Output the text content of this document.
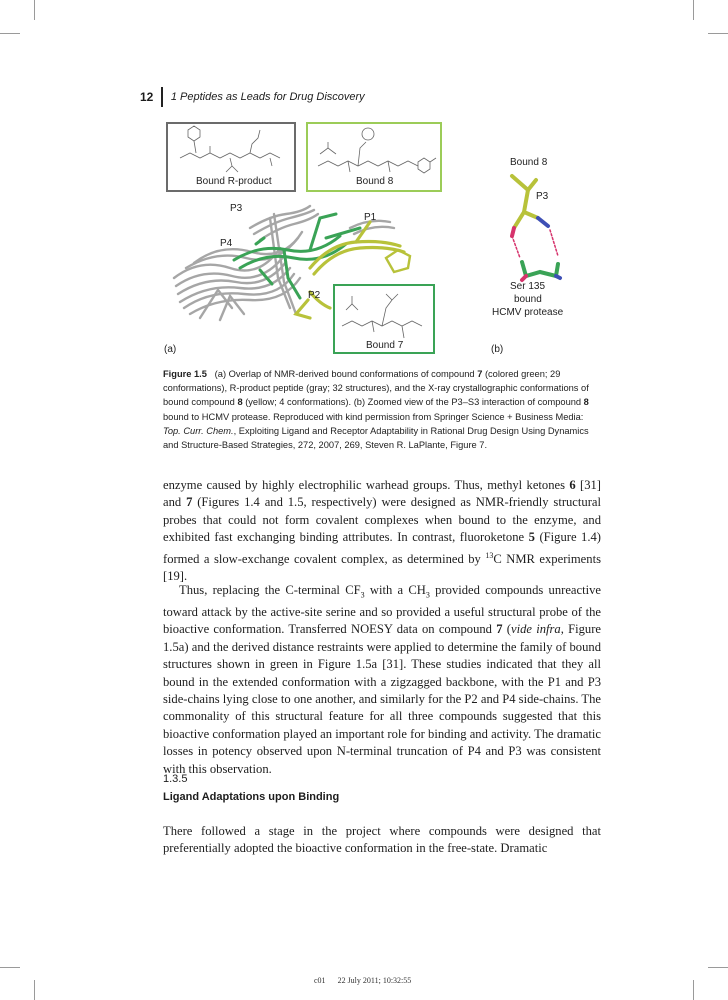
12 1 Peptides as Leads for Drug Discovery
Bound R-product	Bound 8
Bound 7
P3
P1
P4
P2
(a)	(b)
Bound 8
P3
Ser 135
bound
HCMV protease
Figure 1.5 (a) Overlap of NMR-derived bound conformations of compound 7 (colored green; 29 conformations), R-product peptide (gray; 32 structures), and the X-ray crystallographic conformations of bound compound 8 (yellow; 4 conformations). (b) Zoomed view of the P3–S3 interaction of compound 8 bound to HCMV protease. Reproduced with kind permission from Springer Science + Business Media: Top. Curr. Chem., Exploiting Ligand and Receptor Adaptability in Rational Drug Design Using Dynamics and Structure-Based Strategies, 272, 2007, 269, Steven R. LaPlante, Figure 7.

enzyme caused by highly electrophilic warhead groups. Thus, methyl ketones 6 [31] and 7 (Figures 1.4 and 1.5, respectively) were designed as NMR-friendly structural probes that could not form covalent complexes when bound to the enzyme, and exhibited fast exchanging binding attributes. In contrast, fluoroketone 5 (Figure 1.4) formed a slow-exchange covalent complex, as determined by $^{13}$C NMR experiments [19].

Thus, replacing the C-terminal $CF_3$ with a $CH_3$ provided compounds unreactive toward attack by the active-site serine and so provided a useful structural probe of the bioactive conformation. Transferred NOESY data on compound 7 (vide infra, Figure 1.5a) and the derived distance restraints were applied to determine the family of bound structures shown in green in Figure 1.5a [31]. These studies indicated that they all bound in the extended conformation with a zigzagged backbone, with the P1 and P3 side-chains lying close to one another, and similarly for the P2 and P4 side-chains. The commonality of this structural feature for all three compounds suggested that this bioactive conformation played an important role for binding and activity. The dramatic losses in potency observed upon N-terminal truncation of P4 and P3 was consistent with this observation.

1.3.5
Ligand Adaptations upon Binding

There followed a stage in the project where compounds were designed that preferentially adopted the bioactive conformation in the free-state. Dramatic

c01 22 July 2011; 10:32:55
